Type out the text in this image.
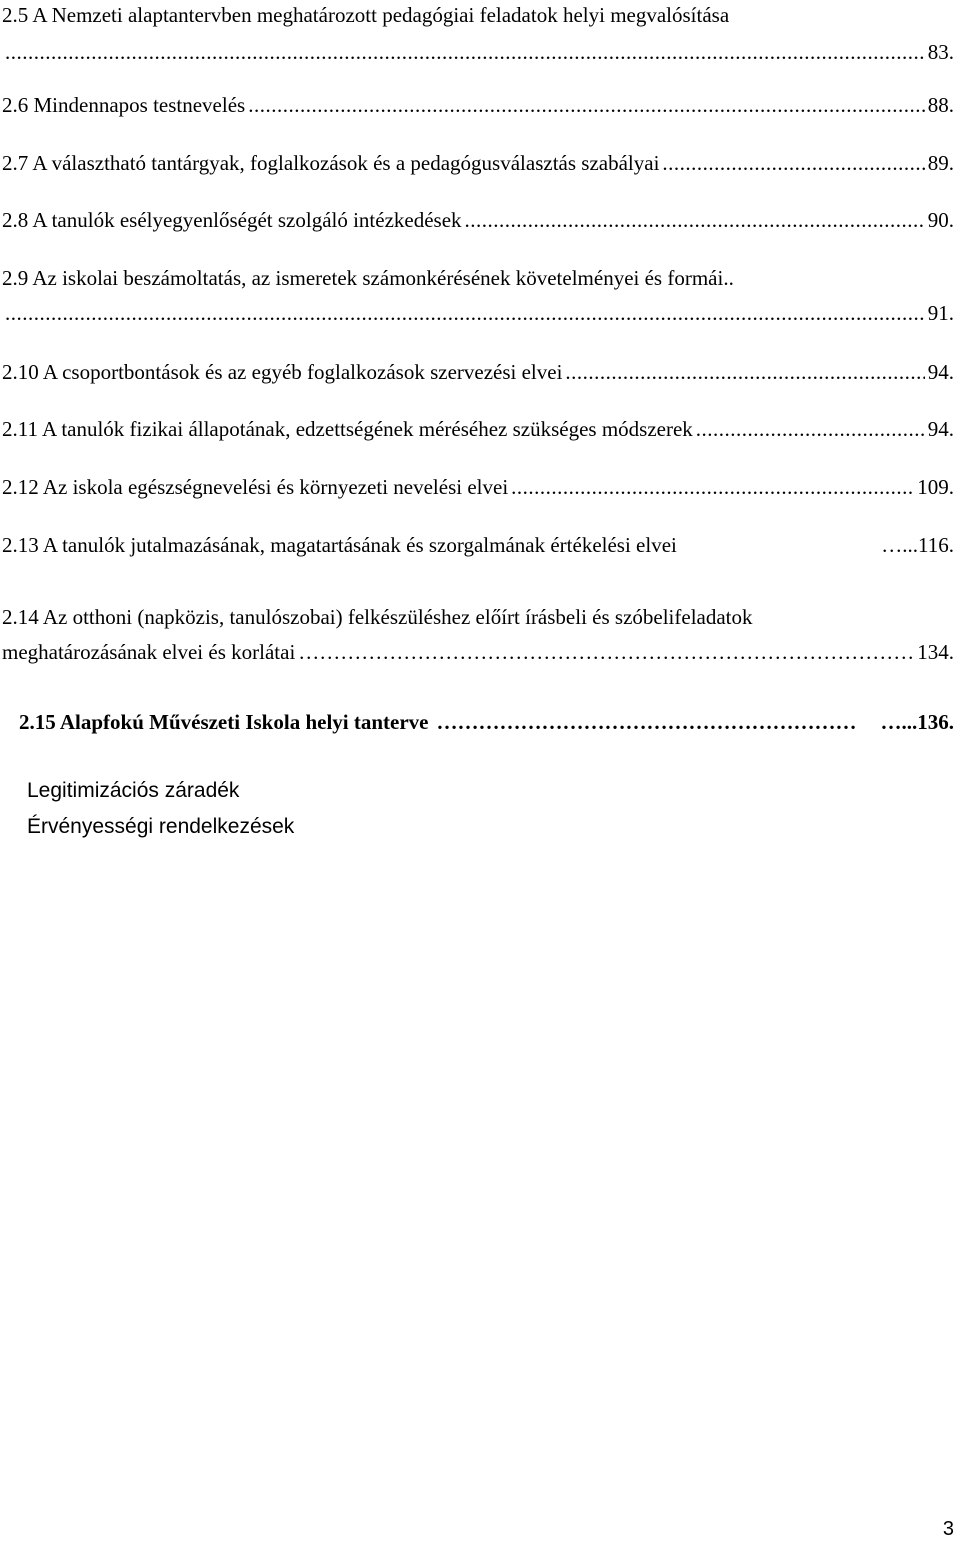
2.5 A Nemzeti alaptantervben meghatározott pedagógiai feladatok helyi megvalósítása
.....
83.
2.6 Mindennapos testnevelés .....	88.
2.7 A választható tantárgyak, foglalkozások és a pedagógusválasztás szabályai .....	89.
2.8 A tanulók esélyegyenlőségét szolgáló intézkedések .....	90.
2.9 Az iskolai beszámoltatás, az ismeretek számonkérésének követelményei és formái..
.....
91.
2.10 A csoportbontások és az egyéb foglalkozások szervezési elvei .....	94.
2.11 A tanulók fizikai állapotának, edzettségének méréséhez szükséges módszerek .....	94.
2.12 Az iskola egészségnevelési és környezeti nevelési elvei .....	109.
2.13 A tanulók jutalmazásának, magatartásának és szorgalmának értékelési elvei	…...116.
2.14 Az otthoni (napközis, tanulószobai) felkészüléshez előírt írásbeli és szóbelifeladatok
meghatározásának elvei és korlátai ………………………………………………………………………………………………………………	134.
2.15 Alapfokú Művészeti Iskola helyi tanterve ……………………………………………………	…...136.
Legitimizációs záradék
Érvényességi rendelkezések
3
